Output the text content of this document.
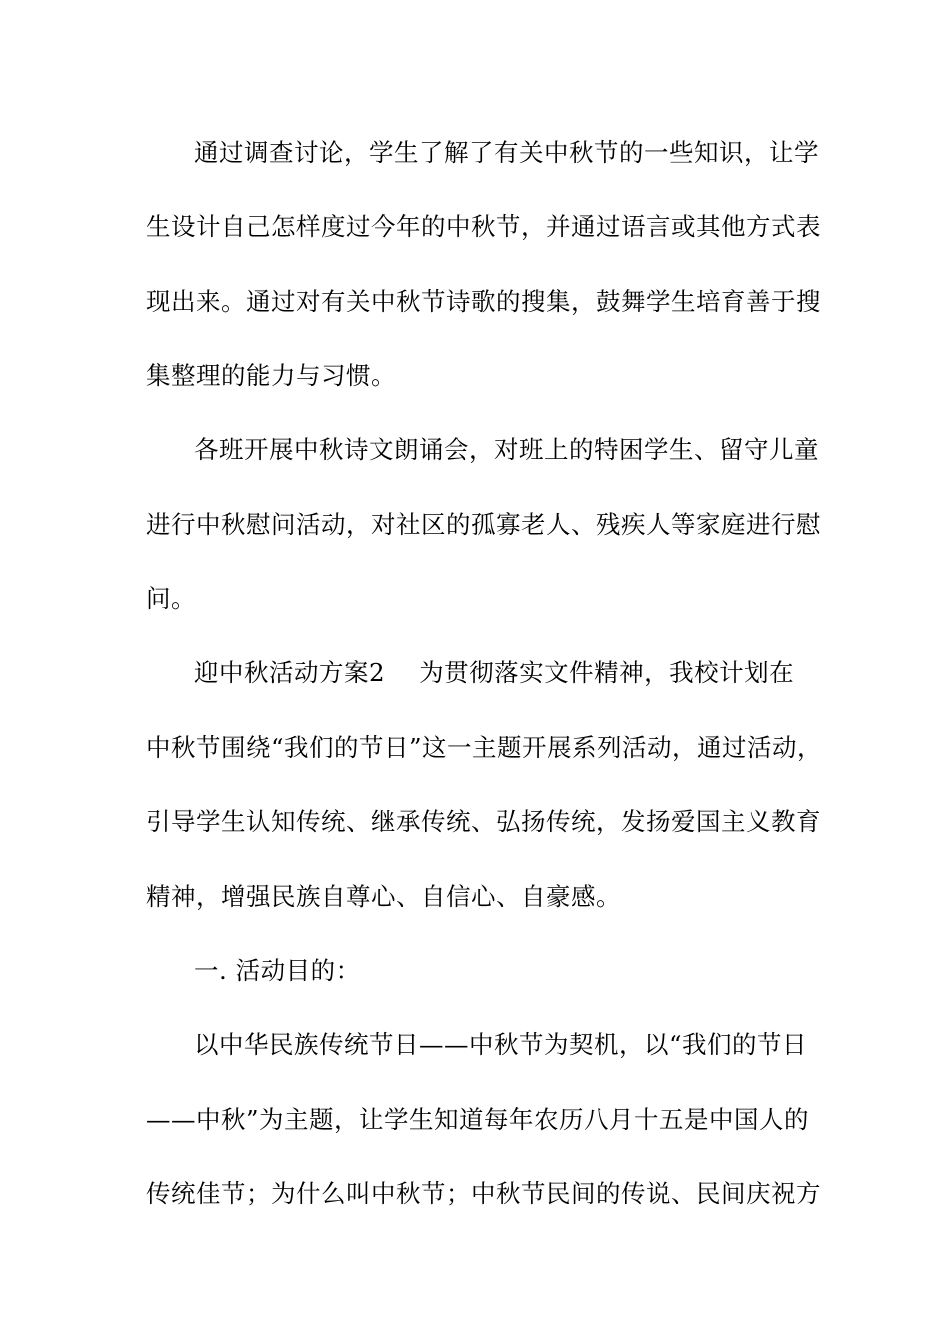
通过调查讨论，学生了解了有关中秋节的一些知识，让学
生设计自己怎样度过今年的中秋节，并通过语言或其他方式表
现出来。通过对有关中秋节诗歌的搜集，鼓舞学生培育善于搜
集整理的能力与习惯。
各班开展中秋诗文朗诵会，对班上的特困学生、留守儿童
进行中秋慰问活动，对社区的孤寡老人、残疾人等家庭进行慰
问。
迎中秋活动方案2 为贯彻落实文件精神，我校计划在
中秋节围绕“我们的节日”这一主题开展系列活动，通过活动，
引导学生认知传统、继承传统、弘扬传统，发扬爱国主义教育
精神，增强民族自尊心、自信心、自豪感。
一. 活动目的：
以中华民族传统节日——中秋节为契机，以“我们的节日
——中秋”为主题，让学生知道每年农历八月十五是中国人的
传统佳节；为什么叫中秋节；中秋节民间的传说、民间庆祝方
